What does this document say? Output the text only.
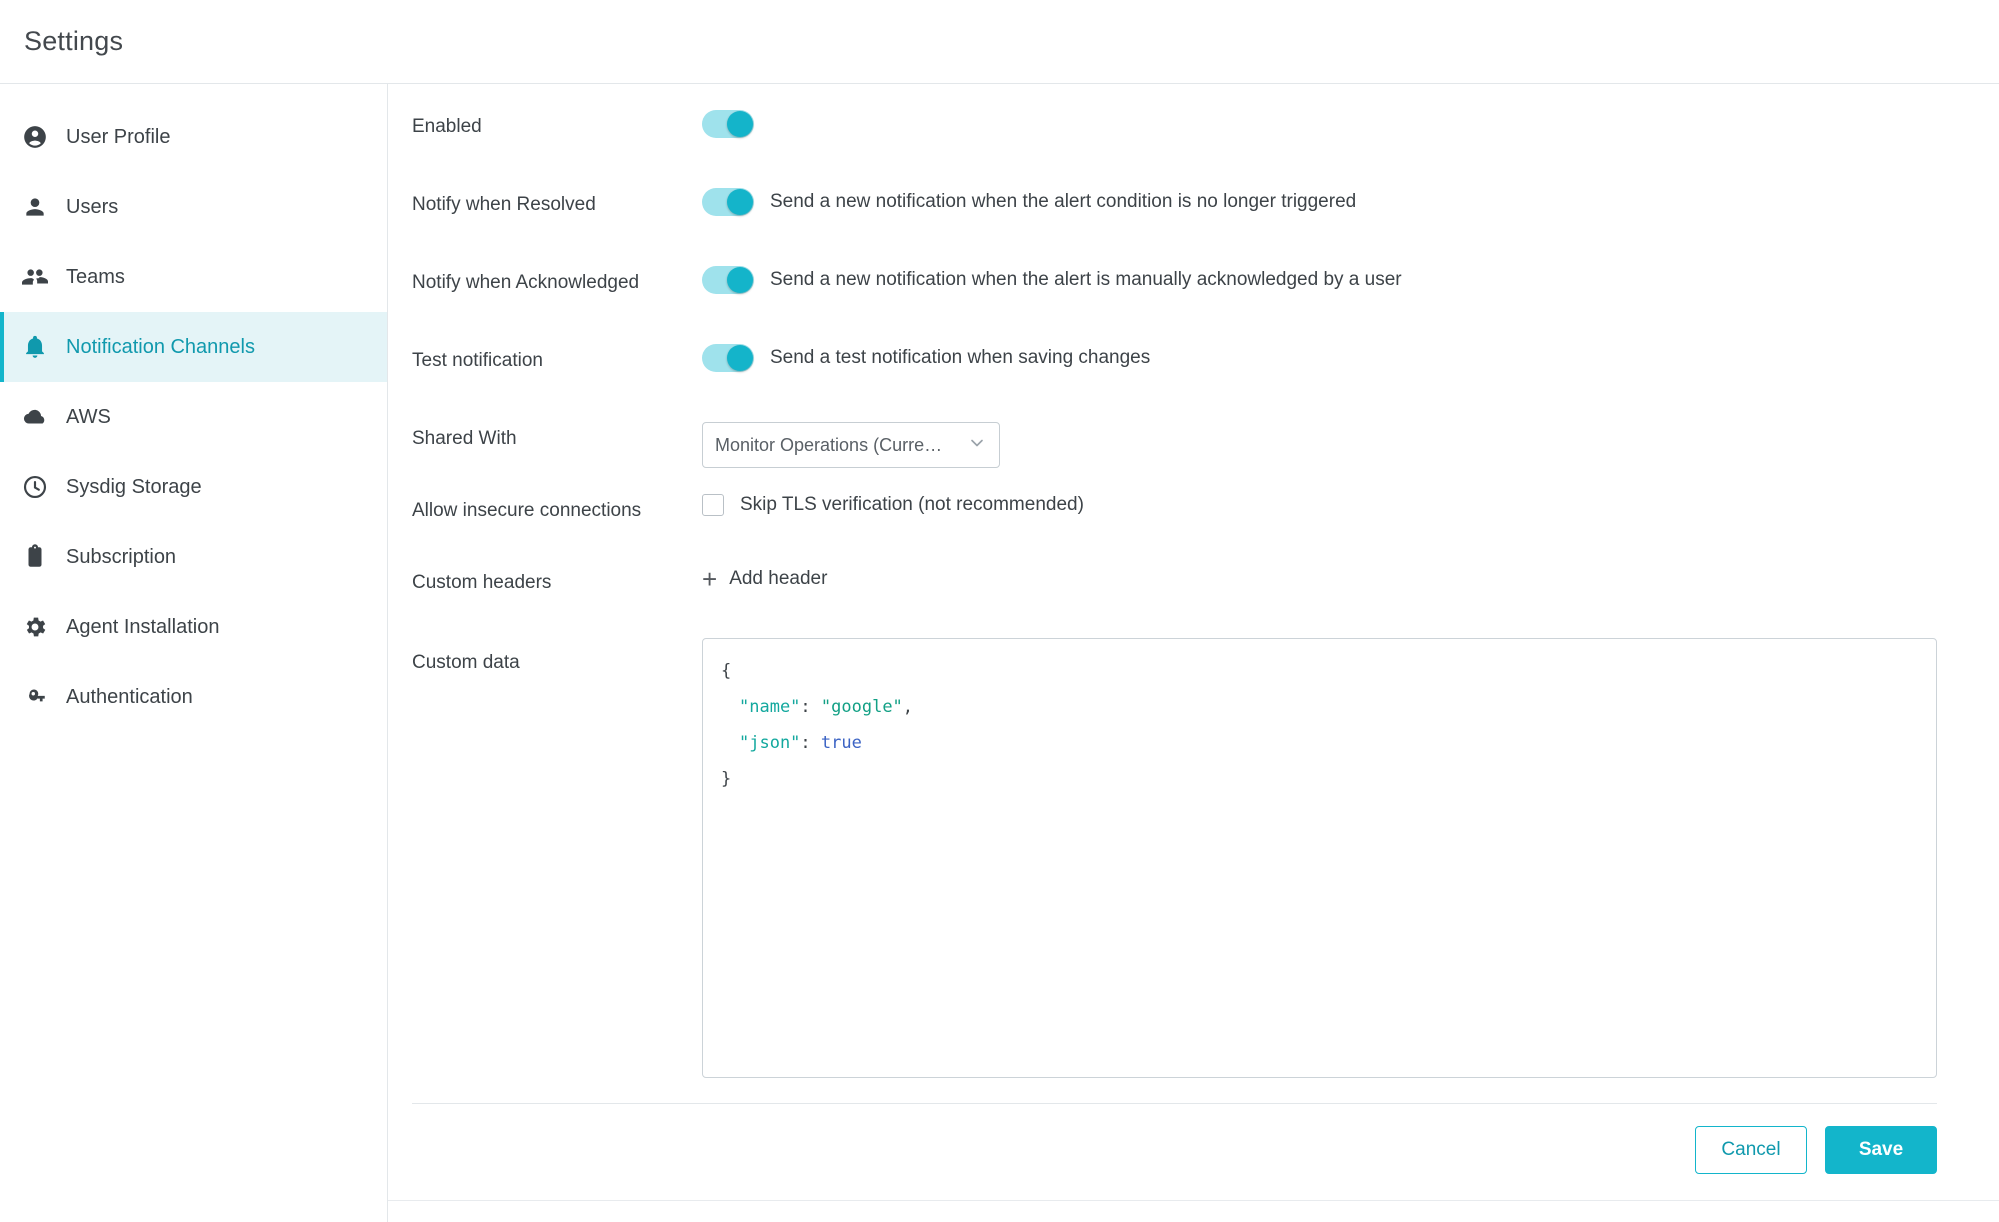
Settings
User Profile
Users
Teams
Notification Channels
AWS
Sysdig Storage
Subscription
Agent Installation
Authentication
Enabled
Notify when Resolved	Send a new notification when the alert condition is no longer triggered
Notify when Acknowledged	Send a new notification when the alert is manually acknowledged by a user
Test notification	Send a test notification when saving changes
Shared With	Monitor Operations (Curre…
Allow insecure connections	Skip TLS verification (not recommended)
Custom headers	+ Add header
Custom data	{
"name": "google",
"json": true
}
Cancel	Save
